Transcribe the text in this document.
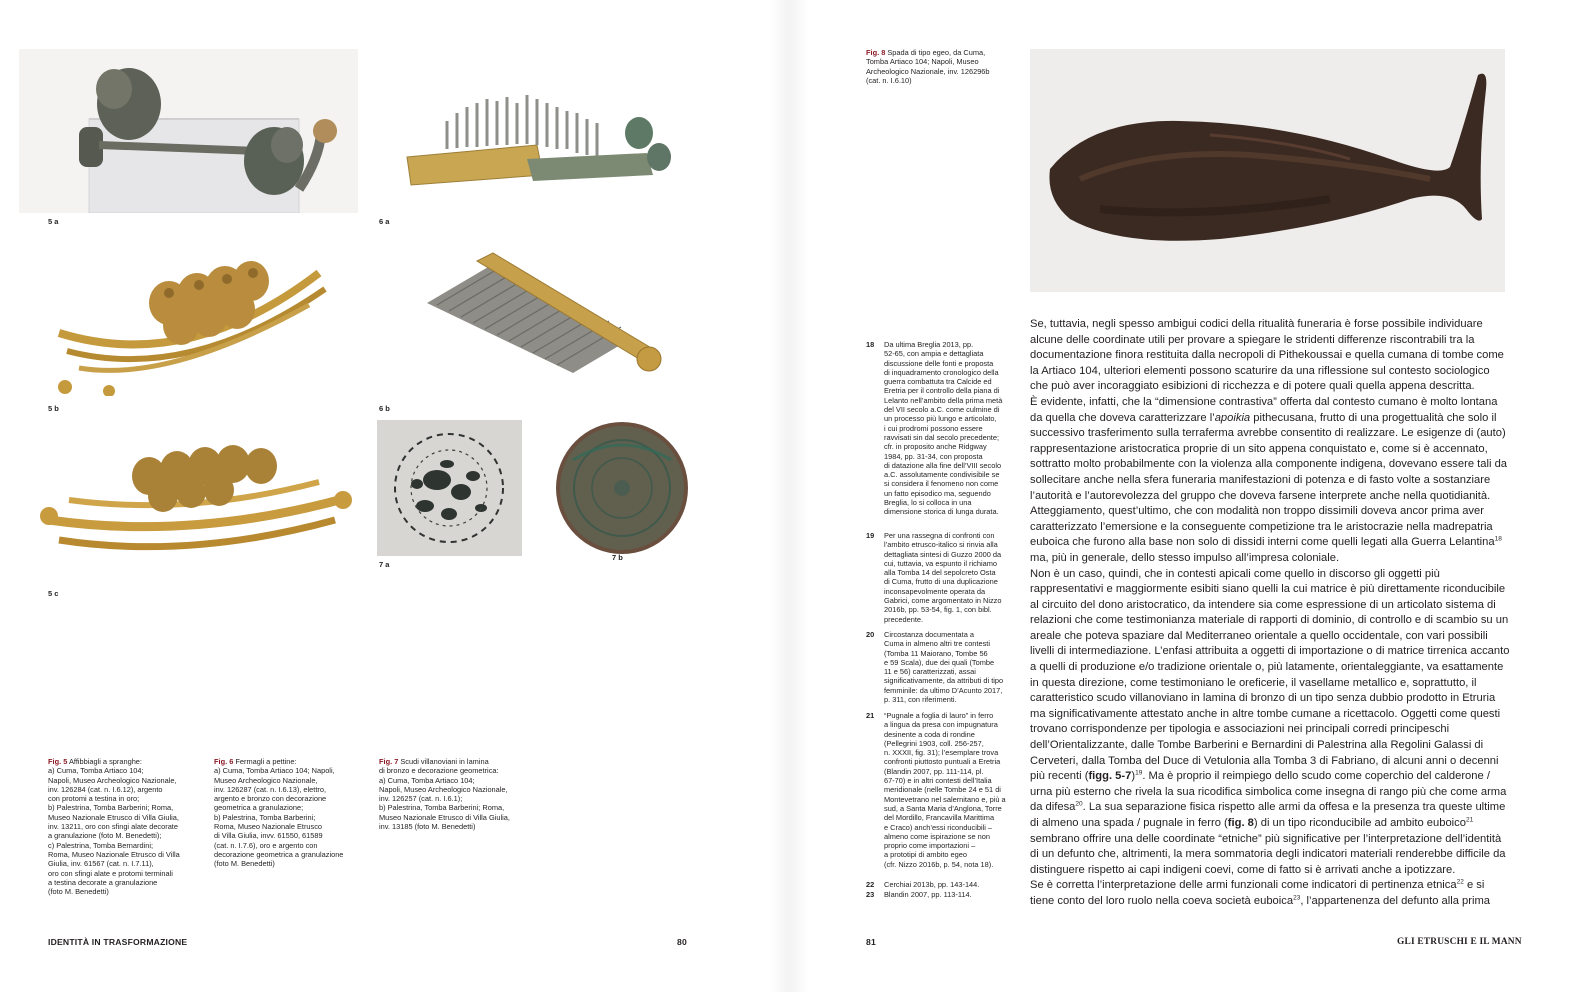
5 a
5 b
5 c
6 a
6 b
7 a
7 b
Fig. 5 Affibbiagli a spranghe:
a) Cuma, Tomba Artiaco 104;
Napoli, Museo Archeologico Nazionale,
inv. 126284 (cat. n. I.6.12), argento
con protomi a testina in oro;
b) Palestrina, Tomba Barberini; Roma,
Museo Nazionale Etrusco di Villa Giulia,
inv. 13211, oro con sfingi alate decorate
a granulazione (foto M. Benedetti);
c) Palestrina, Tomba Bernardini;
Roma, Museo Nazionale Etrusco di Villa
Giulia, inv. 61567 (cat. n. I.7.11),
oro con sfingi alate e protomi terminali
a testina decorate a granulazione
(foto M. Benedetti)
Fig. 6 Fermagli a pettine:
a) Cuma, Tomba Artiaco 104; Napoli,
Museo Archeologico Nazionale,
inv. 126287 (cat. n. I.6.13), elettro,
argento e bronzo con decorazione
geometrica a granulazione;
b) Palestrina, Tomba Barberini;
Roma, Museo Nazionale Etrusco
di Villa Giulia, invv. 61550, 61589
(cat. n. I.7.6), oro e argento con
decorazione geometrica a granulazione
(foto M. Benedetti)
Fig. 7 Scudi villanoviani in lamina
di bronzo e decorazione geometrica:
a) Cuma, Tomba Artiaco 104;
Napoli, Museo Archeologico Nazionale,
inv. 126257 (cat. n. I.6.1);
b) Palestrina, Tomba Barberini; Roma,
Museo Nazionale Etrusco di Villa Giulia,
inv. 13185 (foto M. Benedetti)
IDENTITÀ IN TRASFORMAZIONE	80
Fig. 8 Spada di tipo egeo, da Cuma,
Tomba Artiaco 104; Napoli, Museo
Archeologico Nazionale, inv. 126296b
(cat. n. I.6.10)
18 Da ultima Breglia 2013, pp.
52-65, con ampia e dettagliata
discussione delle fonti e proposta
di inquadramento cronologico della
guerra combattuta tra Calcide ed
Eretria per il controllo della piana di
Lelanto nell’ambito della prima metà
del VII secolo a.C. come culmine di
un processo più lungo e articolato,
i cui prodromi possono essere
ravvisati sin dal secolo precedente;
cfr. in proposito anche Ridgway
1984, pp. 31-34, con proposta
di datazione alla fine dell’VIII secolo
a.C. assolutamente condivisibile se
si considera il fenomeno non come
un fatto episodico ma, seguendo
Breglia, lo si colloca in una
dimensione storica di lunga durata.
19 Per una rassegna di confronti con
l’ambito etrusco-italico si rinvia alla
dettagliata sintesi di Guzzo 2000 da
cui, tuttavia, va espunto il richiamo
alla Tomba 14 del sepolcreto Osta
di Cuma, frutto di una duplicazione
inconsapevolmente operata da
Gabrici, come argomentato in Nizzo
2016b, pp. 53-54, fig. 1, con bibl.
precedente.
20 Circostanza documentata a
Cuma in almeno altri tre contesti
(Tomba 11 Maiorano, Tombe 56
e 59 Scala), due dei quali (Tombe
11 e 56) caratterizzati, assai
significativamente, da attributi di tipo
femminile: da ultimo D’Acunto 2017,
p. 311, con riferimenti.
21 “Pugnale a foglia di lauro” in ferro
a lingua da presa con impugnatura
desinente a coda di rondine
(Pellegrini 1903, coll. 256-257,
n. XXXII, fig. 31); l’esemplare trova
confronti piuttosto puntuali a Eretria
(Blandin 2007, pp. 111-114, pl.
67-70) e in altri contesti dell’Italia
meridionale (nelle Tombe 24 e 51 di
Montevetrano nel salernitano e, più a
sud, a Santa Maria d’Anglona, Torre
del Mordillo, Francavilla Marittima
e Craco) anch’essi riconducibili –
almeno come ispirazione se non
proprio come importazioni –
a prototipi di ambito egeo
(cfr. Nizzo 2016b, p. 54, nota 18).
22 Cerchiai 2013b, pp. 143-144.
23 Blandin 2007, pp. 113-114.

Se, tuttavia, negli spesso ambigui codici della ritualità funeraria è forse possibile individuare alcune delle coordinate utili per provare a spiegare le stridenti differenze riscontrabili tra la documentazione finora restituita dalla necropoli di Pithekoussai e quella cumana di tombe come la Artiaco 104, ulteriori elementi possono scaturire da una riflessione sul contesto sociologico che può aver incoraggiato esibizioni di ricchezza e di potere quali quella appena descritta.

È evidente, infatti, che la “dimensione contrastiva” offerta dal contesto cumano è molto lontana da quella che doveva caratterizzare l’apoikia pithecusana, frutto di una progettualità che solo il successivo trasferimento sulla terraferma avrebbe consentito di realizzare. Le esigenze di (auto) rappresentazione aristocratica proprie di un sito appena conquistato e, come si è accennato, sottratto molto probabilmente con la violenza alla componente indigena, dovevano essere tali da sollecitare anche nella sfera funeraria manifestazioni di potenza e di fasto volte a sostanziare l’autorità e l’autorevolezza del gruppo che doveva farsene interprete anche nella quotidianità.

Atteggiamento, quest’ultimo, che con modalità non troppo dissimili doveva ancor prima aver caratterizzato l’emersione e la conseguente competizione tra le aristocrazie nella madrepatria euboica che furono alla base non solo di dissidi interni come quelli legati alla Guerra Lelantina$^{18}$ ma, più in generale, dello stesso impulso all’impresa coloniale.

Non è un caso, quindi, che in contesti apicali come quello in discorso gli oggetti più rappresentativi e maggiormente esibiti siano quelli la cui matrice è più direttamente riconducibile al circuito del dono aristocratico, da intendere sia come espressione di un articolato sistema di relazioni che come testimonianza materiale di rapporti di dominio, di controllo e di scambio su un areale che poteva spaziare dal Mediterraneo orientale a quello occidentale, con vari possibili livelli di intermediazione. L’enfasi attribuita a oggetti di importazione o di matrice tirrenica accanto a quelli di produzione e/o tradizione orientale o, più latamente, orientaleggiante, va esattamente in questa direzione, come testimoniano le oreficerie, il vasellame metallico e, soprattutto, il caratteristico scudo villanoviano in lamina di bronzo di un tipo senza dubbio prodotto in Etruria ma significativamente attestato anche in altre tombe cumane a ricettacolo. Oggetti come questi trovano corrispondenze per tipologia e associazioni nei principali corredi principeschi dell’Orientalizzante, dalle Tombe Barberini e Bernardini di Palestrina alla Regolini Galassi di Cerveteri, dalla Tomba del Duce di Vetulonia alla Tomba 3 di Fabriano, di alcuni anni o decenni più recenti (figg. 5-7)$^{19}$. Ma è proprio il reimpiego dello scudo come coperchio del calderone / urna più esterno che rivela la sua ricodifica simbolica come insegna di rango più che come arma da difesa$^{20}$. La sua separazione fisica rispetto alle armi da offesa e la presenza tra queste ultime di almeno una spada / pugnale in ferro (fig. 8) di un tipo riconducibile ad ambito euboico$^{21}$ sembrano offrire una delle coordinate “etniche” più significative per l’interpretazione dell’identità di un defunto che, altrimenti, la mera sommatoria degli indicatori materiali renderebbe difficile da distinguere rispetto ai capi indigeni coevi, come di fatto si è arrivati anche a ipotizzare.

Se è corretta l’interpretazione delle armi funzionali come indicatori di pertinenza etnica$^{22}$ e si tiene conto del loro ruolo nella coeva società euboica$^{23}$, l’appartenenza del defunto alla prima

81	GLI ETRUSCHI E IL MANN
